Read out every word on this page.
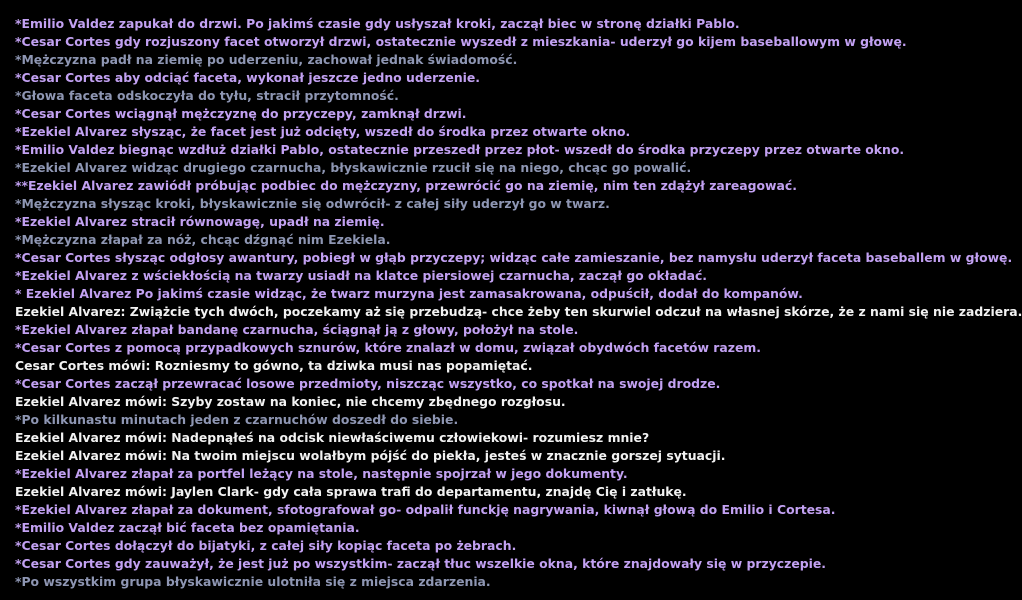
*Emilio Valdez zapukał do drzwi. Po jakimś czasie gdy usłyszał kroki, zaczął biec w stronę działki Pablo.
*Cesar Cortes gdy rozjuszony facet otworzył drzwi, ostatecznie wyszedł z mieszkania- uderzył go kijem baseballowym w głowę.
*Mężczyzna padł na ziemię po uderzeniu, zachował jednak świadomość.
*Cesar Cortes aby odciąć faceta, wykonał jeszcze jedno uderzenie.
*Głowa faceta odskoczyła do tyłu, stracił przytomność.
*Cesar Cortes wciągnął mężczyznę do przyczepy, zamknął drzwi.
*Ezekiel Alvarez słysząc, że facet jest już odcięty, wszedł do środka przez otwarte okno.
*Emilio Valdez biegnąc wzdłuż działki Pablo, ostatecznie przeszedł przez płot- wszedł do środka przyczepy przez otwarte okno.
*Ezekiel Alvarez widząc drugiego czarnucha, błyskawicznie rzucił się na niego, chcąc go powalić.
**Ezekiel Alvarez zawiódł próbując podbiec do mężczyzny, przewrócić go na ziemię, nim ten zdążył zareagować.
*Mężczyzna słysząc kroki, błyskawicznie się odwrócił- z całej siły uderzył go w twarz.
*Ezekiel Alvarez stracił równowagę, upadł na ziemię.
*Mężczyzna złapał za nóż, chcąc dźgnąć nim Ezekiela.
*Cesar Cortes słysząc odgłosy awantury, pobiegł w głąb przyczepy; widząc całe zamieszanie, bez namysłu uderzył faceta baseballem w głowę.
*Ezekiel Alvarez z wściekłością na twarzy usiadł na klatce piersiowej czarnucha, zaczął go okładać.
* Ezekiel Alvarez Po jakimś czasie widząc, że twarz murzyna jest zamasakrowana, odpuścił, dodał do kompanów.
Ezekiel Alvarez: Zwiążcie tych dwóch, poczekamy aż się przebudzą- chce żeby ten skurwiel odczuł na własnej skórze, że z nami się nie zadziera.
*Ezekiel Alvarez złapał bandanę czarnucha, ściągnął ją z głowy, położył na stole.
*Cesar Cortes z pomocą przypadkowych sznurów, które znalazł w domu, związał obydwóch facetów razem.
Cesar Cortes mówi: Rozniesmy to gówno, ta dziwka musi nas popamiętać.
*Cesar Cortes zaczął przewracać losowe przedmioty, niszcząc wszystko, co spotkał na swojej drodze.
Ezekiel Alvarez mówi: Szyby zostaw na koniec, nie chcemy zbędnego rozgłosu.
*Po kilkunastu minutach jeden z czarnuchów doszedł do siebie.
Ezekiel Alvarez mówi: Nadepnąłeś na odcisk niewłaściwemu człowiekowi- rozumiesz mnie?
Ezekiel Alvarez mówi: Na twoim miejscu wolałbym pójść do piekła, jesteś w znacznie gorszej sytuacji.
*Ezekiel Alvarez złapał za portfel leżący na stole, następnie spojrzał w jego dokumenty.
Ezekiel Alvarez mówi: Jaylen Clark- gdy cała sprawa trafi do departamentu, znajdę Cię i zatłukę.
*Ezekiel Alvarez złapał za dokument, sfotografował go- odpalił funckję nagrywania, kiwnął głową do Emilio i Cortesa.
*Emilio Valdez zaczął bić faceta bez opamiętania.
*Cesar Cortes dołączył do bijatyki, z całej siły kopiąc faceta po żebrach.
*Cesar Cortes gdy zauważył, że jest już po wszystkim- zaczął tłuc wszelkie okna, które znajdowały się w przyczepie.
*Po wszystkim grupa błyskawicznie ulotniła się z miejsca zdarzenia.
